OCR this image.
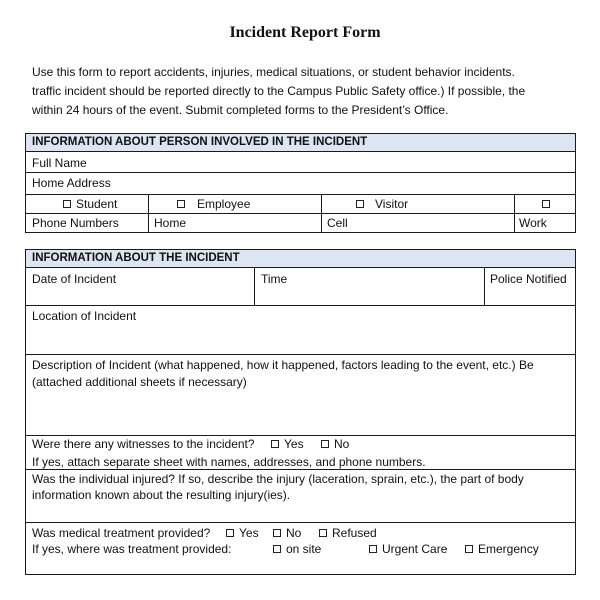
Incident Report Form
Use this form to report accidents, injuries, medical situations, or student behavior incidents.
traffic incident should be reported directly to the Campus Public Safety office.) If possible, the
within 24 hours of the event. Submit completed forms to the President’s Office.
INFORMATION ABOUT PERSON INVOLVED IN THE INCIDENT
Full Name
Home Address
Student	Employee	Visitor
Phone Numbers	Home	Cell	Work
INFORMATION ABOUT THE INCIDENT
Date of Incident	Time	Police Notified
Location of Incident
Description of Incident (what happened, how it happened, factors leading to the event, etc.) Be
(attached additional sheets if necessary)
Were there any witnesses to the incident?	Yes	No
If yes, attach separate sheet with names, addresses, and phone numbers.
Was the individual injured? If so, describe the injury (laceration, sprain, etc.), the part of body
information known about the resulting injury(ies).
Was medical treatment provided?	Yes	No	Refused
If yes, where was treatment provided:	on site	Urgent Care	Emergency
